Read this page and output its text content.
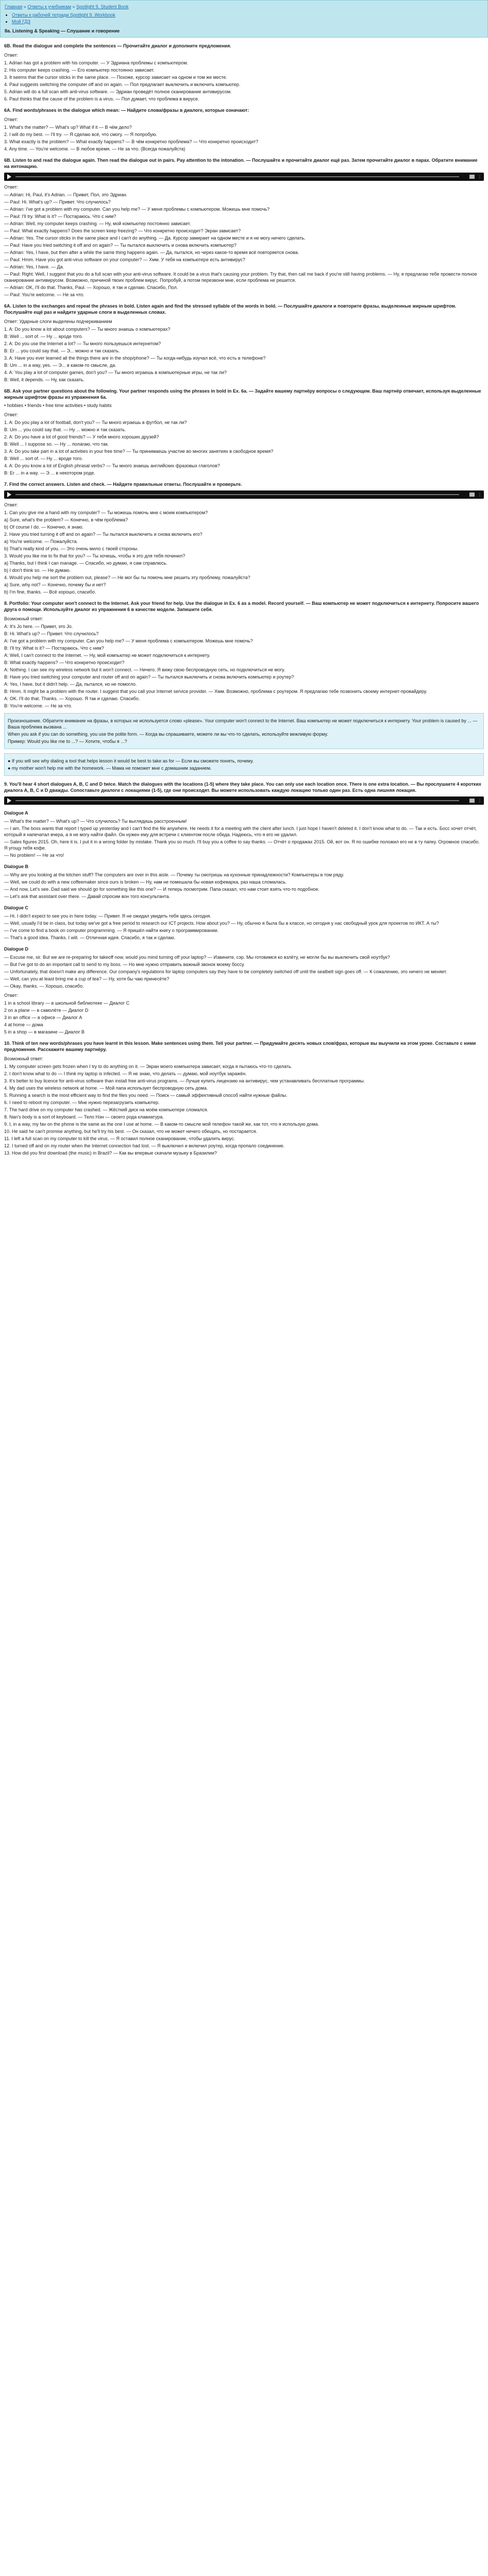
Главная » Ответы к учебникам » Spotlight 9. Student Book
• Ответы к рабочей тетради Spotlight 9. Workbook
• Мой ГДЗ
8a. Listening & Speaking — Слушание и говорение
6B. Read the dialogue and complete the sentences — Прочитайте диалог и дополните предложения.
Ответ:
1. Adrian has got a problem with his computer. — У Эдриана проблемы с компьютером.
2. His computer keeps crashing. — Его компьютер постоянно зависает.
3. It seems that the cursor sticks in the same place. — Похоже, курсор зависает на одном и том же месте.
4. Paul suggests switching the computer off and on again. — Пол предлагает выключить и включить компьютер.
5. Adrian will do a full scan with anti-virus software. — Эдриан проведёт полное сканирование антивирусом.
6. Paul thinks that the cause of the problem is a virus. — Пол думает, что проблема в вирусе.
6A. Find words/phrases in the dialogue which mean: — Найдите слова/фразы в диалоге, которые означают:
Ответ:
1. What's the matter? — What's up? What if it — В чём дело?
2. I will do my best. — I'll try. — Я сделаю всё, что смогу. — Я попробую.
3. What exactly is the problem? — What exactly happens? — В чём конкретно проблема? — Что конкретно происходит?
4. Any time. — You're welcome. — В любое время. — Не за что. (Всегда пожалуйста)
6B. Listen to and read the dialogue again. Then read the dialogue out in pairs. Pay attention to the intonation. — Послушайте и прочитайте диалог ещё раз. Затем прочитайте диалог в парах. Обратите внимание на интонацию.
⋮
Ответ:
— Adrian: Hi, Paul, it's Adrian. — Привет, Пол, это Эдриан.
— Paul: Hi. What's up? — Привет. Что случилось?
— Adrian: I've got a problem with my computer. Can you help me? — У меня проблемы с компьютером. Можешь мне помочь?
— Paul: I'll try. What is it? — Постараюсь. Что с ним?
— Adrian: Well, my computer keeps crashing. — Ну, мой компьютер постоянно зависает.
— Paul: What exactly happens? Does the screen keep freezing? — Что конкретно происходит? Экран зависает?
— Adrian: Yes. The cursor sticks in the same place and I can't do anything. — Да. Курсор замирает на одном месте и я не могу ничего сделать.
— Paul: Have you tried switching it off and on again? — Ты пытался выключить и снова включить компьютер?
— Adrian: Yes, I have, but then after a while the same thing happens again. — Да, пытался, но через какое-то время всё повторяется снова.
— Paul: Hmm. Have you got anti-virus software on your computer? — Хмм. У тебя на компьютере есть антивирус?
— Adrian: Yes, I have. — Да.
— Paul: Right. Well, I suggest that you do a full scan with your anti-virus software. It could be a virus that's causing your problem. Try that, then call me back if you're still having problems. — Ну, я предлагаю тебе провести полное сканирование антивирусом. Возможно, причиной твоих проблем вирус. Попробуй, а потом перезвони мне, если проблема не решится.
— Adrian: OK, I'll do that. Thanks, Paul. — Хорошо, я так и сделаю. Спасибо, Пол.
— Paul: You're welcome. — Не за что.
6A. Listen to the exchanges and repeat the phrases in bold. Listen again and find the stressed syllable of the words in bold. — Послушайте диалоги и повторите фразы, выделенные жирным шрифтом. Послушайте ещё раз и найдите ударные слоги в выделенных словах.
Ответ: Ударные слоги выделены подчеркиванием
1. A: Do you know a lot about computers? — Ты много знаешь о компьютерах?
B: Well ... sort of. — Ну ... вроде того.
2. A: Do you use the Internet a lot? — Ты много пользуешься интернетом?
B: Er ... you could say that. — Э... можно и так сказать.
3. A: Have you ever learned all the things there are in the shop/phone? — Ты когда-нибудь изучал всё, что есть в телефоне?
B: Um ... in a way, yes. — Э... в каком-то смысле, да.
4. A: You play a lot of computer games, don't you? — Ты много играешь в компьютерные игры, не так ли?
B: Well, it depends. — Ну, как сказать.
6B. Ask your partner questions about the following. Your partner responds using the phrases in bold in Ex. 6a. — Задайте вашему партнёру вопросы о следующем. Ваш партнёр отвечает, используя выделенные жирным шрифтом фразы из упражнения 6a.
• hobbies • friends • free time activities • study habits
Ответ:
1. A: Do you play a lot of football, don't you? — Ты много играешь в футбол, не так ли?
B: Um ... you could say that. — Ну ... можно и так сказать.
2. A: Do you have a lot of good friends? — У тебя много хороших друзей?
B: Well ... I suppose so. — Ну ... полагаю, что так.
3. A: Do you take part in a lot of activities in your free time? — Ты принимаешь участие во многих занятиях в свободное время?
B: Well ... sort of. — Ну ... вроде того.
4. A: Do you know a lot of English phrasal verbs? — Ты много знаешь английских фразовых глаголов?
B: Er ... in a way. — Э ... в некотором роде.
7. Find the correct answers. Listen and check. — Найдите правильные ответы. Послушайте и проверьте.
⋮
Ответ:
1. Can you give me a hand with my computer? — Ты можешь помочь мне с моим компьютером?
a) Sure, what's the problem? — Конечно, в чём проблема?
b) Of course I do. — Конечно, я знаю.
2. Have you tried turning it off and on again? — Ты пытался выключить и снова включить его?
a) You're welcome. — Пожалуйста.
b) That's really kind of you. — Это очень мило с твоей стороны.
3. Would you like me to fix that for you? — Ты хочешь, чтобы я это для тебя починил?
a) Thanks, but I think I can manage. — Спасибо, но думаю, я сам справлюсь.
b) I don't think so. — Не думаю.
4. Would you help me sort the problem out, please? — Не мог бы ты помочь мне решить эту проблему, пожалуйста?
a) Sure, why not? — Конечно, почему бы и нет?
b) I'm fine, thanks. — Всё хорошо, спасибо.
8. Portfolio: Your computer won't connect to the Internet. Ask your friend for help. Use the dialogue in Ex. 6 as a model. Record yourself. — Ваш компьютер не может подключиться к интернету. Попросите вашего друга о помощи. Используйте диалог из упражнения 6 в качестве модели. Запишите себя.
Возможный ответ:
A: It's Jo here. — Привет, это Jo.
B: Hi. What's up? — Привет. Что случилось?
A: I've got a problem with my computer. Can you help me? — У меня проблема с компьютером. Можешь мне помочь?
B: I'll try. What is it? — Постараюсь. Что с ним?
A: Well, I can't connect to the Internet. — Ну, мой компьютер не может подключиться к интернету.
B: What exactly happens? — Что конкретно происходит?
A: Nothing. I can see my wireless network but it won't connect. — Ничего. Я вижу свою беспроводную сеть, но подключиться не могу.
B: Have you tried switching your computer and router off and on again? — Ты пытался выключить и снова включить компьютер и роутер?
A: Yes, I have, but it didn't help. — Да, пытался, но не помогло.
B: Hmm. It might be a problem with the router. I suggest that you call your Internet service provider. — Хмм. Возможно, проблема с роутером. Я предлагаю тебе позвонить своему интернет-провайдеру.
A: OK. I'll do that. Thanks. — Хорошо. Я так и сделаю. Спасибо.
B: You're welcome. — Не за что.

Произношение. Обратите внимание на фразы, в которых не используется слово «please». Your computer won't connect to the Internet. Ваш компьютер не может подключиться к интернету. Your problem is caused by ... — Ваша проблема вызвана ...

When you ask if you can do something, you use the polite form. — Когда вы спрашиваете, можете ли вы что-то сделать, используйте вежливую форму.

Пример: Would you like me to ...? — Хотите, чтобы я ...?

● If you will see why dialing a tool that helps lesson it would be best to take as for — Если вы сможете понять, почему.

● my mother won't help me with the homework. — Мама не поможет мне с домашним заданием.

9. You'll hear 4 short dialogues A, B, C and D twice. Match the dialogues with the locations (1-5) where they take place. You can only use each location once. There is one extra location. — Вы прослушаете 4 коротких диалога A, B, C и D дважды. Сопоставьте диалоги с локациями (1-5), где они происходят. Вы можете использовать каждую локацию только один раз. Есть одна лишняя локация.
⋮
Dialogue A
— What's the matter? — What's up? — Что случилось? Ты выглядишь расстроенным!
— I am. The boss wants that report I typed up yesterday and I can't find the file anywhere. He needs it for a meeting with the client after lunch. I just hope I haven't deleted it. I don't know what to do. — Так и есть. Босс хочет отчёт, который я напечатал вчера, а я не могу найти файл. Он нужен ему для встречи с клиентом после обеда. Надеюсь, что я его не удалил.
— Sales figures 2015. Oh, here it is. I put it in a wrong folder by mistake. Thank you so much. I'll buy you a coffee to say thanks. — Отчёт о продажах 2015. Ой, вот он. Я по ошибке положил его не в ту папку. Огромное спасибо. Я угощу тебя кофе.
— No problem! — Не за что!
Dialogue B
— Why are you looking at the kitchen stuff? The computers are over in this aisle. — Почему ты смотришь на кухонные принадлежности? Компьютеры в том ряду.
— Well, we could do with a new coffeemaker since ours is broken — Ну, нам не помешала бы новая кофеварка, раз наша сломалась.
— And now, Let's see. Dad said we should go for something like this one? — И теперь посмотрим. Папа сказал, что нам стоит взять что-то подобное.
— Let's ask that assistant over there. — Давай спросим вон того консультанта.
Dialogue C
— Hi. I didn't expect to see you in here today. — Привет. Я не ожидал увидеть тебя здесь сегодня.
— Well, usually I'd be in class, but today we've got a free period to research our ICT projects. How about you? — Ну, обычно я была бы в классе, но сегодня у нас свободный урок для проектов по ИКТ. А ты?
— I've come to find a book on computer programming. — Я пришёл найти книгу о программировании.
— That's a good idea. Thanks. I will. — Отличная идея. Спасибо, я так и сделаю.
Dialogue D
— Excuse me, sir. But we are re-preparing for takeoff now, would you mind turning off your laptop? — Извините, сэр. Мы готовимся ко взлёту, не могли бы вы выключить свой ноутбук?
— But I've got to do an important call to send to my boss. — Но мне нужно отправить важный звонок моему боссу.
— Unfortunately, that doesn't make any difference. Our company's regulations for laptop computers say they have to be completely switched off until the seatbelt sign goes off. — К сожалению, это ничего не меняет.
— Well, can you at least bring me a cup of tea? — Ну, хотя бы чаю принесёте?
— Okay, thanks. — Хорошо, спасибо.
Ответ:
1 in a school library — в школьной библиотеке — Диалог C
2 on a plane — в самолёте — Диалог D
3 in an office — в офисе — Диалог A
4 at home — дома
5 in a shop — в магазине — Диалог B
10. Think of ten new words/phrases you have learnt in this lesson. Make sentences using them. Tell your partner. — Придумайте десять новых слов/фраз, которые вы выучили на этом уроке. Составьте с ними предложения. Расскажите вашему партнёру.
Возможный ответ:
1. My computer screen gets frozen when I try to do anything on it. — Экран моего компьютера зависает, когда я пытаюсь что-то сделать.
2. I don't know what to do — I think my laptop is infected. — Я не знаю, что делать — думаю, мой ноутбук заражён.
3. It's better to buy licence for anti-virus software than install free anti-virus programs. — Лучше купить лицензию на антивирус, чем устанавливать бесплатные программы.
4. My dad uses the wireless network at home. — Мой папа использует беспроводную сеть дома.
5. Running a search is the most efficient way to find the files you need. — Поиск — самый эффективный способ найти нужные файлы.
6. I need to reboot my computer. — Мне нужно перезагрузить компьютер.
7. The hard drive on my computer has crashed. — Жёсткий диск на моём компьютере сломался.
8. Nan's body is a sort of keyboard. — Тело Нэн — своего рода клавиатура.
9. I, in a way, my fav on the phone is the same as the one I use at home. — В каком-то смысле мой телефон такой же, как тот, что я использую дома.
10. He said he can't promise anything, but he'll try his best. — Он сказал, что не может ничего обещать, но постарается.
11. I left a full scan on my computer to kill the virus. — Я оставил полное сканирование, чтобы удалить вирус.
12. I turned off and on my router when the Internet connection had lost. — Я выключил и включил роутер, когда пропало соединение.
13. How did you first download (the music) in Brazil? — Как вы впервые скачали музыку в Бразилии?
